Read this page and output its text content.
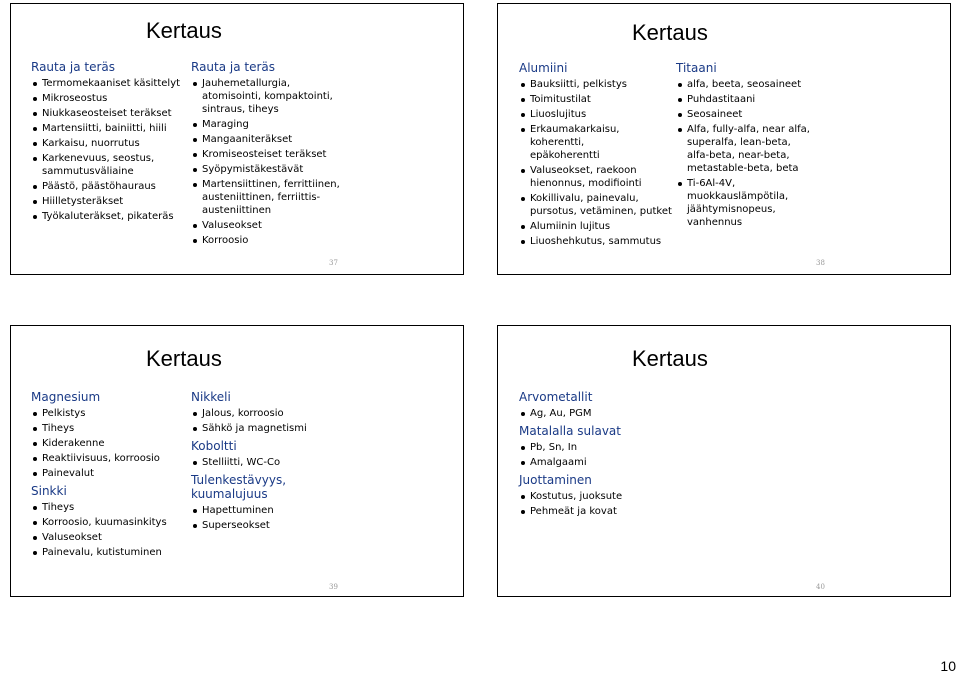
Kertaus
Rauta ja teräs
Termomekaaniset käsittelyt
Mikroseostus
Niukkaseosteiset teräkset
Martensiitti, bainiitti, hiili
Karkaisu, nuorrutus
Karkenevuus, seostus, sammutusväliaine
Päästö, päästöhauraus
Hiilletysteräkset
Työkaluteräkset, pikateräs
Rauta ja teräs
Jauhemetallurgia, atomisointi, kompaktointi, sintraus, tiheys
Maraging
Mangaaniteräkset
Kromiseosteiset teräkset
Syöpymistäkestävät
Martensiittinen, ferrittiinen, austeniittinen, ferriittis-austeniittinen
Valuseokset
Korroosio
37
Kertaus
Alumiini
Bauksiitti, pelkistys
Toimitustilat
Liuoslujitus
Erkaumakarkaisu, koherentti, epäkoherentti
Valuseokset, raekoon hienonnus, modifiointi
Kokillivalu, painevalu, pursotus, vetäminen, putket
Alumiinin lujitus
Liuoshehkutus, sammutus
Titaani
alfa, beeta, seosaineet
Puhdastitaani
Seosaineet
Alfa, fully-alfa, near alfa, superalfa, lean-beta, alfa-beta, near-beta, metastable-beta, beta
Ti-6Al-4V, muokkauslämpötila, jäähtymisnopeus, vanhennus
38
Kertaus
Magnesium
Pelkistys
Tiheys
Kiderakenne
Reaktiivisuus, korroosio
Painevalut
Sinkki
Tiheys
Korroosio, kuumasinkitys
Valuseokset
Painevalu, kutistuminen
Nikkeli
Jalous, korroosio
Sähkö ja magnetismi
Koboltti
Stelliitti, WC-Co
Tulenkestävyys, kuumalujuus
Hapettuminen
Superseokset
39
Kertaus
Arvometallit
Ag, Au, PGM
Matalalla sulavat
Pb, Sn, In
Amalgaami
Juottaminen
Kostutus, juoksute
Pehmeät ja kovat
40
10
